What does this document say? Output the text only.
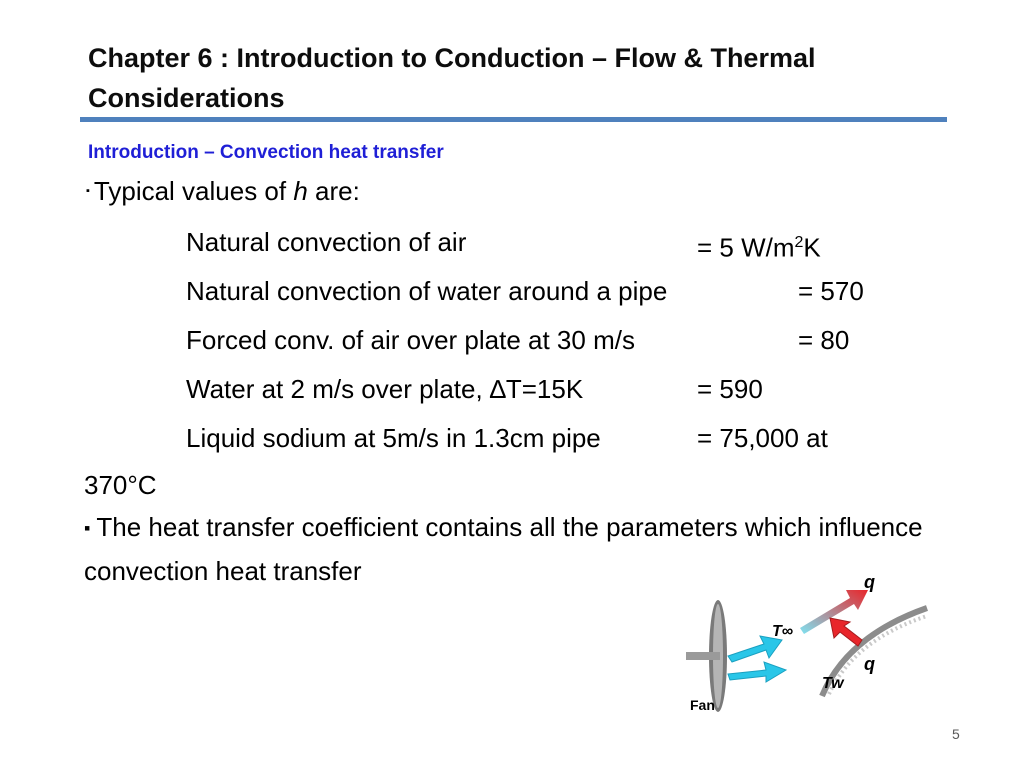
Chapter 6 : Introduction to Conduction – Flow & Thermal Considerations
Introduction – Convection heat transfer
▪ Typical values of h are:
Natural convection of air	= 5 $W/m^2K$
Natural convection of water around a pipe	= 570
Forced conv. of air over plate at 30 m/s	= 80
Water at 2 m/s over plate, ∆T=15K	= 590
Liquid sodium at 5m/s in 1.3cm pipe	= 75,000 at
370°C
▪ The heat transfer coefficient contains all the parameters which influence convection heat transfer	q
T∞
q
Tw
Fan
5
